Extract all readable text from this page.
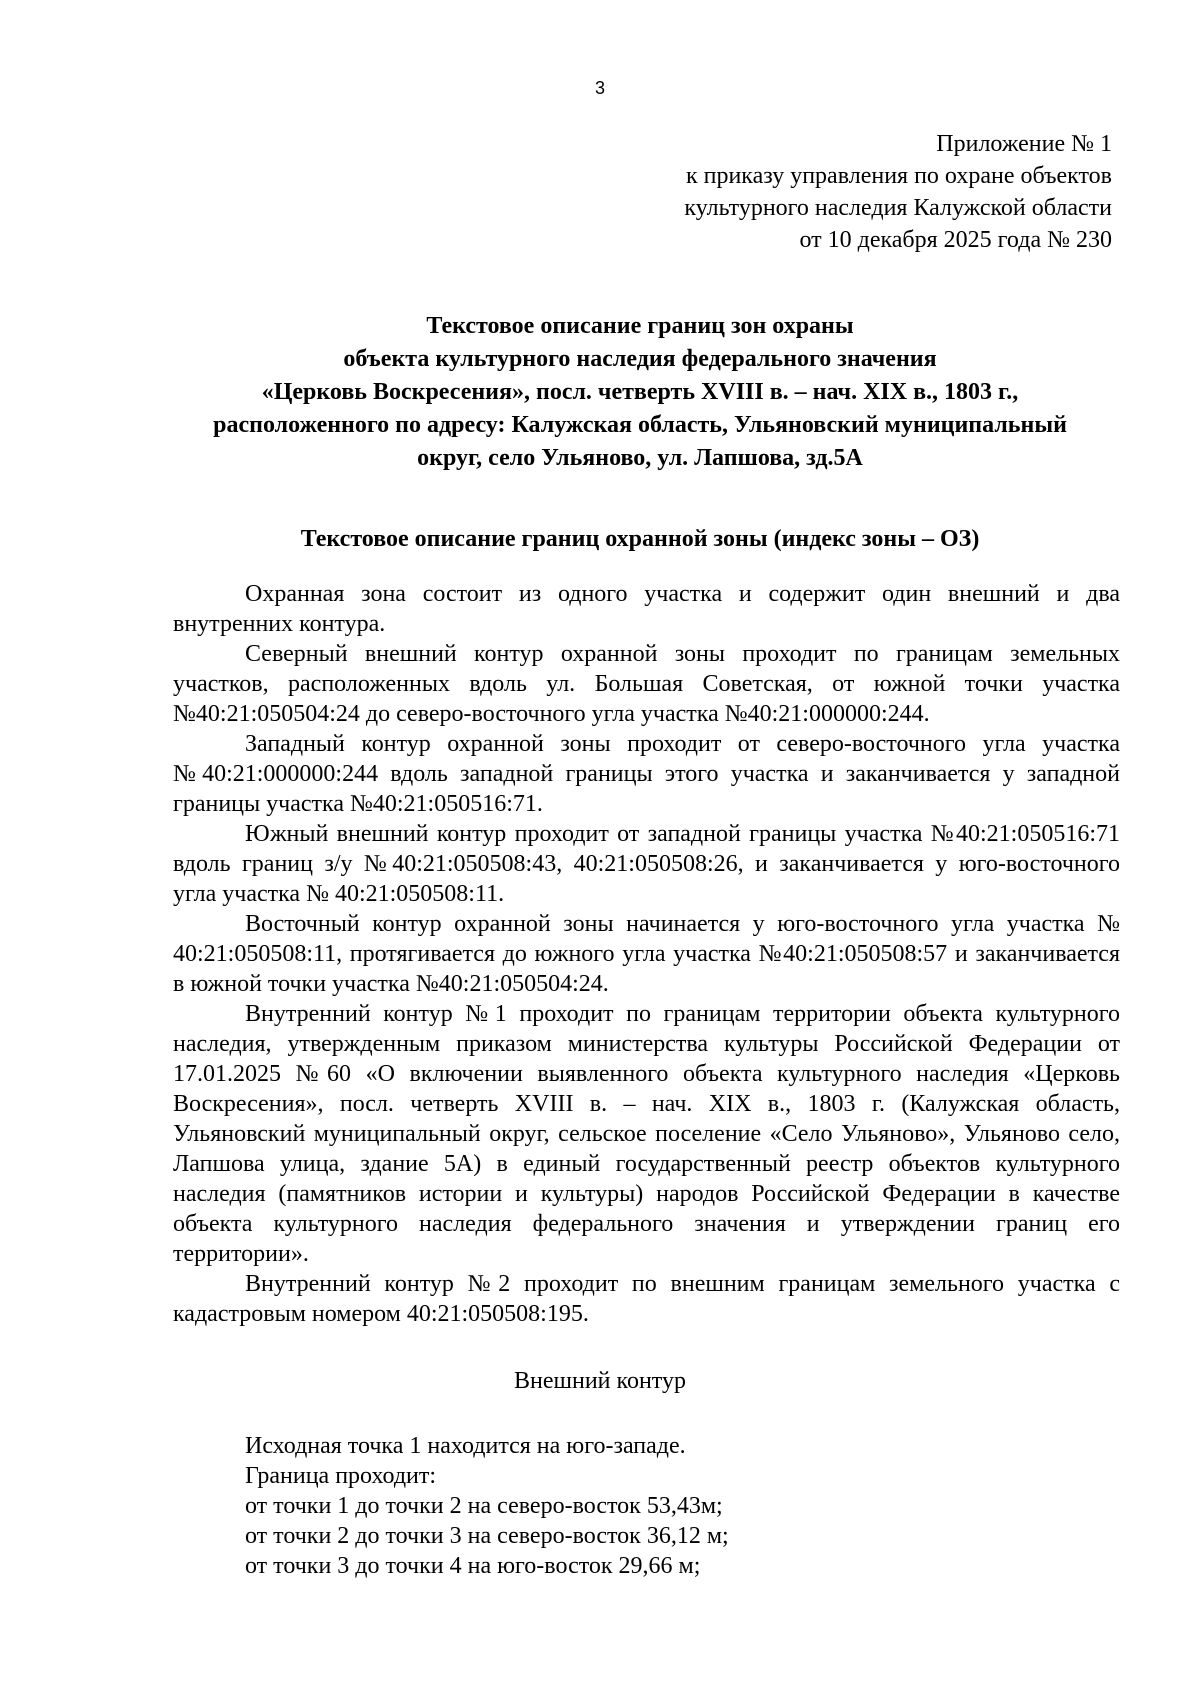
3
Приложение № 1
к приказу управления по охране объектов
культурного наследия Калужской области
от 10 декабря 2025 года № 230
Текстовое описание границ зон охраны
объекта культурного наследия федерального значения
«Церковь Воскресения», посл. четверть XVIII в. – нач. XIX в., 1803 г.,
расположенного по адресу: Калужская область, Ульяновский муниципальный
округ, село Ульяново, ул. Лапшова, зд.5А
Текстовое описание границ охранной зоны (индекс зоны – ОЗ)

Охранная зона состоит из одного участка и содержит один внешний и два внутренних контура.

Северный внешний контур охранной зоны проходит по границам земельных участков, расположенных вдоль ул. Большая Советская, от южной точки участка №40:21:050504:24 до северо-восточного угла участка №40:21:000000:244.

Западный контур охранной зоны проходит от северо-восточного угла участка №40:21:000000:244 вдоль западной границы этого участка и заканчивается у западной границы участка №40:21:050516:71.

Южный внешний контур проходит от западной границы участка №40:21:050516:71 вдоль границ з/у №40:21:050508:43, 40:21:050508:26, и заканчивается у юго-восточного угла участка № 40:21:050508:11.

Восточный контур охранной зоны начинается у юго-восточного угла участка № 40:21:050508:11, протягивается до южного угла участка №40:21:050508:57 и заканчивается в южной точки участка №40:21:050504:24.

Внутренний контур №1 проходит по границам территории объекта культурного наследия, утвержденным приказом министерства культуры Российской Федерации от 17.01.2025 №60 «О включении выявленного объекта культурного наследия «Церковь Воскресения», посл. четверть XVIII в. – нач. XIX в., 1803 г. (Калужская область, Ульяновский муниципальный округ, сельское поселение «Село Ульяново», Ульяново село, Лапшова улица, здание 5А) в единый государственный реестр объектов культурного наследия (памятников истории и культуры) народов Российской Федерации в качестве объекта культурного наследия федерального значения и утверждении границ его территории».

Внутренний контур №2 проходит по внешним границам земельного участка с кадастровым номером 40:21:050508:195.

Внешний контур
Исходная точка 1 находится на юго-западе.
Граница проходит:
от точки 1 до точки 2 на северо-восток 53,43м;
от точки 2 до точки 3 на северо-восток 36,12 м;
от точки 3 до точки 4 на юго-восток 29,66 м;
